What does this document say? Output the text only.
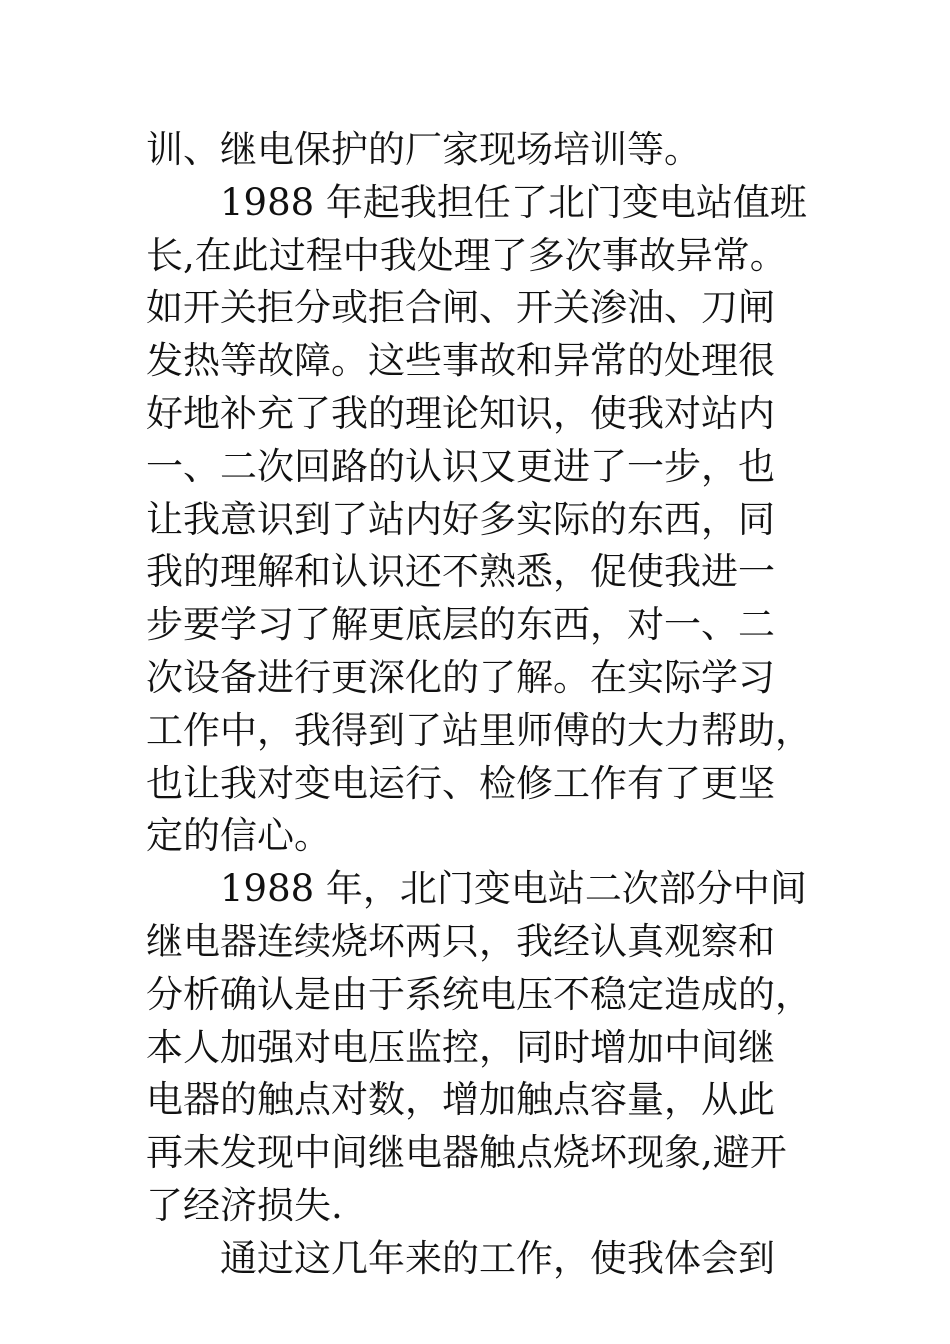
训、继电保护的厂家现场培训等。
1988 年起我担任了北门变电站值班
长,在此过程中我处理了多次事故异常。
如开关拒分或拒合闸、开关渗油、刀闸
发热等故障。这些事故和异常的处理很
好地补充了我的理论知识，使我对站内
一、二次回路的认识又更进了一步，也
让我意识到了站内好多实际的东西，同
我的理解和认识还不熟悉，促使我进一
步要学习了解更底层的东西，对一、二
次设备进行更深化的了解。在实际学习
工作中，我得到了站里师傅的大力帮助，
也让我对变电运行、检修工作有了更坚
定的信心。
1988 年，北门变电站二次部分中间
继电器连续烧坏两只，我经认真观察和
分析确认是由于系统电压不稳定造成的，
本人加强对电压监控，同时增加中间继
电器的触点对数，增加触点容量，从此
再未发现中间继电器触点烧坏现象,避开
了经济损失.
通过这几年来的工作，使我体会到
